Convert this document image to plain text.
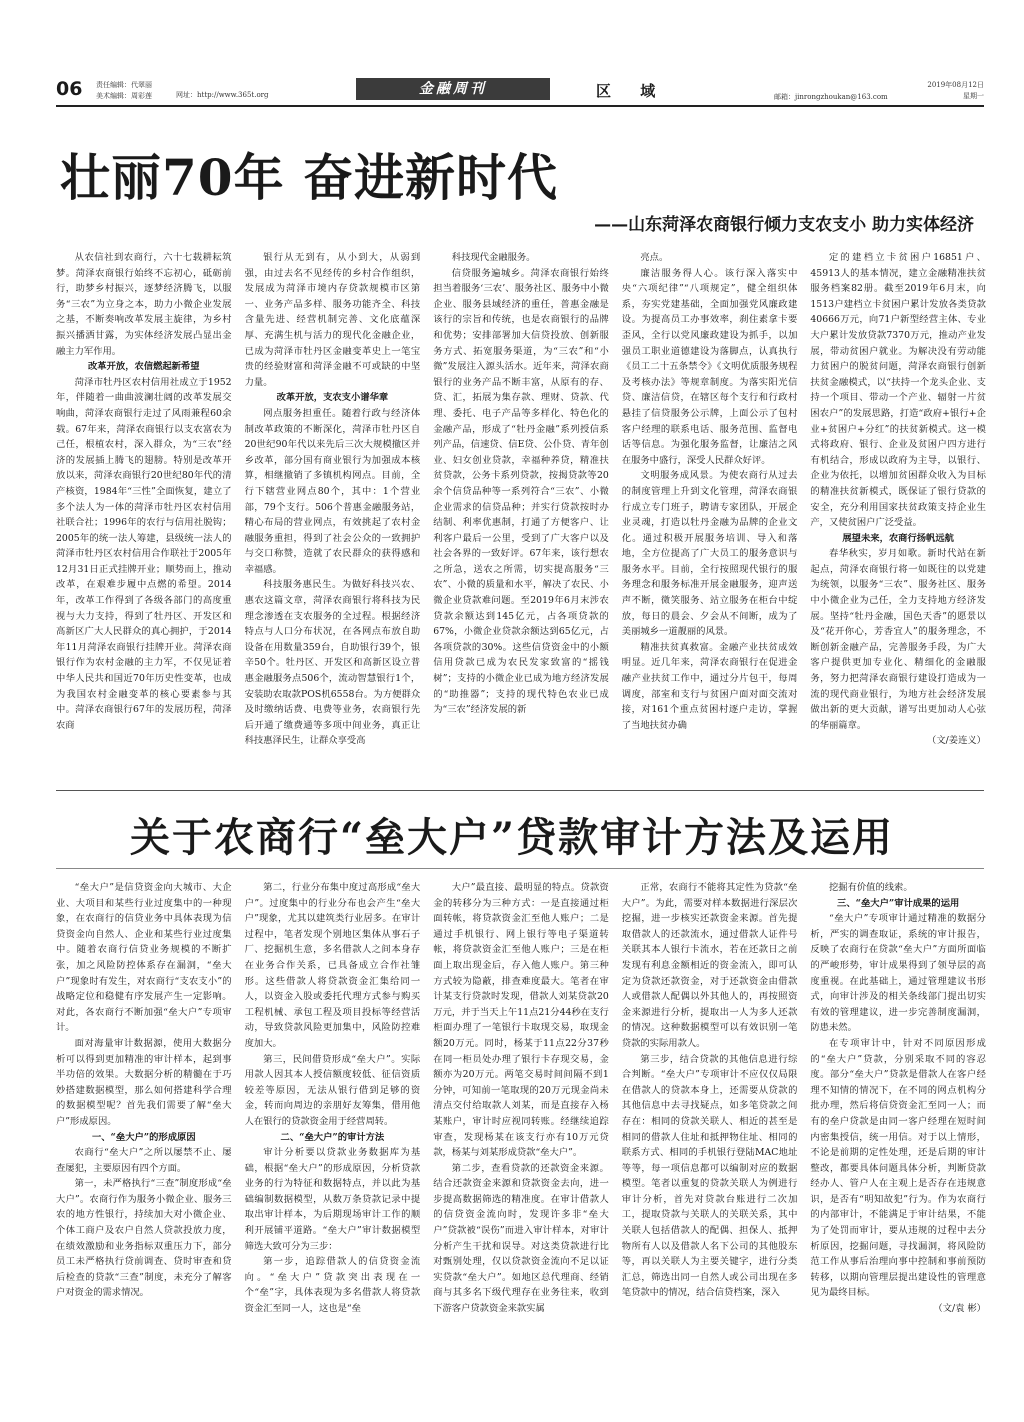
06 责任编辑：代翠丽
美术编辑：周彩莲	网址：http://www.365t.org	金融周刊	区 域	邮箱：jinrongzhoukan@163.com
2019年08月12日
星期一
壮丽70年 奋进新时代
——山东菏泽农商银行倾力支农支小 助力实体经济

从农信社到农商行，六十七载耕耘筑梦。菏泽农商银行始终不忘初心，砥砺前行，助梦乡村振兴，逐梦经济腾飞，以服务“三农”为立身之本，助力小微企业发展之基，不断奏响改革发展主旋律，为乡村振兴播洒甘露，为实体经济发展凸显出金融主力军作用。

改革开放，农信燃起新希望

菏泽市牡丹区农村信用社成立于1952年，伴随着一曲曲波澜壮阔的改革发展交响曲，菏泽农商银行走过了风雨兼程60余载。67年来，菏泽农商银行以支农富农为己任，根植农村，深入群众，为“三农”经济的发展插上腾飞的翅膀。特别是改革开放以来，菏泽农商银行20世纪80年代的清产核资，1984年“三性”全面恢复，建立了多个法人为一体的菏泽市牡丹区农村信用社联合社；1996年的农行与信用社脱钩；2005年的统一法人筹建，县级统一法人的菏泽市牡丹区农村信用合作联社于2005年12月31日正式挂牌开业；顺势而上，推动改革，在艰难步履中点燃的希望。2014年，改革工作得到了各级各部门的高度重视与大力支持，得到了牡丹区、开发区和高新区广大人民群众的真心拥护，于2014年11月菏泽农商银行挂牌开业。菏泽农商银行作为农村金融的主力军，不仅见证着中华人民共和国近70年历史性变革，也成为我国农村金融变革的核心要素参与其中。菏泽农商银行67年的发展历程，菏泽农商

银行从无到有，从小到大，从弱到强，由过去名不见经传的乡村合作组织，发展成为菏泽市境内存贷款规模市区第一、业务产品多样、服务功能齐全、科技含量先进、经营机制完善、文化底蕴深厚、充满生机与活力的现代化金融企业，已成为菏泽市牡丹区金融变革史上一笔宝贵的经验财富和菏泽金融不可或缺的中坚力量。

改革开放，支农支小谱华章

网点服务担重任。随着行政与经济体制改革政策的不断深化，菏泽市牡丹区自20世纪90年代以来先后三次大规模撤区并乡改革，部分国有商业银行为加强成本核算，相继撤销了多镇机构网点。目前，全行下辖营业网点80个，其中：1个营业部，79个支行。506个普惠金融服务站，精心布局的营业网点，有效挑起了农村金融服务重担，得到了社会公众的一致拥护与交口称赞，造就了农民群众的获得感和幸福感。

科技服务惠民生。为做好科技兴农、惠农这篇文章，菏泽农商银行将科技为民理念渗透在支农服务的全过程。根据经济特点与人口分布状况，在各网点布放自助设备在用数量359台，自助银行39个，银辛50个。牡丹区、开发区和高新区设立普惠金融服务点506个，流动智慧银行1个，安装助农取款POS机6558台。为方便群众及时缴纳话费、电费等业务，农商银行先后开通了缴费通等多项中间业务，真正让科技惠泽民生，让群众享受高

科技现代金融服务。

信贷服务遍城乡。菏泽农商银行始终担当着服务‘三农’、服务社区、服务中小微企业、服务县域经济的重任，普惠金融是该行的宗旨和传统，也是农商银行的品牌和优势；安排部署加大信贷投放、创新服务方式、拓宽服务渠道，为“三农”和“小微”发展注入源头活水。近年来，菏泽农商银行的业务产品不断丰富，从原有的存、贷、汇，拓展为集存款、理财、贷款、代理、委托、电子产品等多样化、特色化的金融产品，形成了“牡丹金融”系列授信系列产品，信速贷、信E贷、公仆贷、青年创业、妇女创业贷款，幸福种养贷，精准扶贫贷款，公务卡系列贷款，按揭贷款等20余个信贷品种等一系列符合“三农”、小微企业需求的信贷品种；并实行贷款按时办结制、利率优惠制，打通了方便客户、让利客户最后一公里，受到了广大客户以及社会各界的一致好评。67年来，该行想农之所急，送农之所需，切实提高服务“三农”、小微的质量和水平，解决了农民、小微企业贷款难问题。至2019年6月末涉农贷款余额达到145亿元，占各项贷款的67%，小微企业贷款余额达到65亿元，占各项贷款的30%。这些信贷资金中的小额信用贷款已成为农民发家致富的“摇钱树”；支持的小微企业已成为地方经济发展的“助推器”；支持的现代特色农业已成为“三农”经济发展的新

亮点。

廉洁服务得人心。该行深入落实中央“六项纪律”“八项规定”，健全组织体系，夯实党建基础，全面加强党风廉政建设。为提高员工办事效率，刹住素拿卡要歪风，全行以党风廉政建设为抓手，以加强员工职业道德建设为落脚点，认真执行《员工二十五条禁令》《文明优质服务规程及考核办法》等规章制度。为落实阳光信贷、廉洁信贷，在辖区每个支行和行政村悬挂了信贷服务公示牌，上面公示了包村客户经理的联系电话、服务范围、监督电话等信息。为强化服务监督，让廉洁之风在服务中盛行，深受人民群众好评。

文明服务成风景。为使农商行从过去的制度管理上升到文化管理，菏泽农商银行成立专门班子，聘请专家团队，开展企业灵魂，打造以牡丹金融为品牌的企业文化。通过积极开展服务培训、导入和落地，全方位提高了广大员工的服务意识与服务水平。目前，全行按照现代银行的服务理念和服务标准开展金融服务，迎声送声不断，微笑服务、站立服务在柜台中绽放，每日的晨会、夕会从不间断，成为了美丽城乡一道靓丽的风景。

精准扶贫真救富。金融产业扶贫成效明显。近几年来，菏泽农商银行在促进金融产业扶贫工作中，通过分片包干，每周调度，部室和支行与贫困户面对面交流对接，对161个重点贫困村逐户走访，掌握了当地扶贫办确

定的建档立卡贫困户16851户、45913人的基本情况，建立金融精准扶贫服务档案82册。截至2019年6月末，向1513户建档立卡贫困户累计发放各类贷款40666万元，向71户新型经营主体、专业大户累计发放贷款7370万元，推动产业发展，带动贫困户就业。为解决没有劳动能力贫困户的脱贫问题，菏泽农商银行创新扶贫金融模式，以“扶持一个龙头企业、支持一个项目、带动一个产业、辐射一片贫困农户”的发展思路，打造“政府+银行+企业+贫困户+分红”的扶贫新模式。这一模式将政府、银行、企业及贫困户四方进行有机结合，形成以政府为主导，以银行、企业为依托，以增加贫困群众收入为目标的精准扶贫新模式，既保证了银行贷款的安全，充分利用国家扶贫政策支持企业生产，又使贫困户广泛受益。

展望未来，农商行扬帆远航

春华秋实，岁月如歌。新时代站在新起点，菏泽农商银行将一如既往的以党建为统领，以服务“三农”、服务社区、服务中小微企业为己任，全力支持地方经济发展。坚持“牡丹金融，国色天香”的愿景以及“花开你心，芳香宜人”的服务理念，不断创新金融产品，完善服务手段，为广大客户提供更加专业化、精细化的金融服务，努力把菏泽农商银行建设打造成为一流的现代商业银行，为地方社会经济发展做出新的更大贡献，谱写出更加动人心弦的华丽篇章。

（文/姜连义）

关于农商行“垒大户”贷款审计方法及运用

“垒大户”是信贷资金向大城市、大企业、大项目和某些行业过度集中的一种现象，在农商行的信贷业务中具体表现为信贷资金向自然人、企业和某些行业过度集中。随着农商行信贷业务规模的不断扩张，加之风险防控体系存在漏洞，“垒大户”现象时有发生，对农商行“支农支小”的战略定位和稳健有序发展产生一定影响。对此，各农商行不断加强“垒大户”专项审计。

面对海量审计数据源，使用大数据分析可以得到更加精准的审计样本，起到事半功倍的效果。大数据分析的精髓在于巧妙搭建数据模型，那么如何搭建科学合理的数据模型呢？首先我们需要了解“垒大户”形成原因。

一、“垒大户”的形成原因

农商行“垒大户”之所以屡禁不止、屡查屡犯，主要原因有四个方面。

第一，未严格执行“三查”制度形成“垒大户”。农商行作为服务小微企业、服务三农的地方性银行，持续加大对小微企业、个体工商户及农户自然人贷款投放力度，在绩效激励和业务指标双重压力下，部分员工未严格执行贷前调查、贷时审查和贷后检查的贷款“三查”制度，未充分了解客户对资金的需求情况。

第二，行业分布集中度过高形成“垒大户”。过度集中的行业分布也会产生“垒大户”现象，尤其以建筑类行业居多。在审计过程中，笔者发现个别地区集体从事石子厂、挖掘机生意，多名借款人之间本身存在业务合作关系，已具备成立合作社雏形。这些借款人将贷款资金汇集给同一人，以资金入股或委托代理方式参与购买工程机械、承包工程及项目投标等经营活动，导致贷款风险更加集中，风险防控难度加大。

第三，民间借贷形成“垒大户”。实际用款人因其本人授信额度较低、征信资质较差等原因，无法从银行借到足够的资金，转而向周边的亲朋好友筹集，借用他人在银行的贷款资金用于经营周转。

二、“垒大户”的审计方法

审计分析要以贷款业务数据库为基础，根据“垒大户”的形成原因，分析贷款业务的行为特征和数据特点，并以此为基础编制数据模型，从数万条贷款记录中提取出审计样本，为后期现场审计工作的顺利开展铺平道路。“垒大户”审计数据模型筛选大致可分为三步：

第一步，追踪借款人的信贷资金流向。“垒大户”贷款突出表现在一个“垒”字，具体表现为多名借款人将贷款资金汇至同一人，这也是“垒

大户”最直接、最明显的特点。贷款资金的转移分为三种方式：一是直接通过柜面转帐，将贷款资金汇至他人账户；二是通过手机银行、网上银行等电子渠道转帐，将贷款资金汇至他人账户；三是在柜面上取出现金后，存入他人账户。第三种方式较为隐蔽，排查难度最大。笔者在审计某支行贷款时发现，借款人刘某贷款20万元，并于当天上午11点21分44秒在支行柜面办理了一笔银行卡取现交易，取现金额20万元。同时，杨某于11点22分37秒在同一柜员处办理了银行卡存现交易，金额亦为20万元。两笔交易时间间隔不到1分钟，可知前一笔取现的20万元现金尚未清点交付给取款人刘某，而是直接存入杨某账户，审计时应视同转账。经继续追踪审查，发现杨某在该支行亦有10万元贷款，杨某与刘某形成贷款“垒大户”。

第二步，查看贷款的还款资金来源。结合还款资金来源和贷款资金去向，进一步提高数据筛选的精准度。在审计借款人的信贷资金流向时，发现许多非“垒大户”贷款被“误伤”而进入审计样本，对审计分析产生干扰和误导。对这类贷款进行比对甄别处理，仅以贷款资金流向不足以证实贷款“垒大户”。如地区总代理商、经销商与其多名下级代理存在业务往来，收到下游客户贷款资金来款实属

正常，农商行不能将其定性为贷款“垒大户”。为此，需要对样本数据进行深层次挖掘，进一步核实还款资金来源。首先提取借款人的还款流水，通过借款人证件号关联其本人银行卡流水，若在还款日之前发现有利息金额相近的资金流入，即可认定为贷款还款资金，对于还款资金由借款人或借款人配偶以外其他人的，再按照资金来源进行分析，提取出一人为多人还款的情况。这种数据模型可以有效识别一笔贷款的实际用款人。

第三步，结合贷款的其他信息进行综合判断。“垒大户”专项审计不应仅仅局限在借款人的贷款本身上，还需要从贷款的其他信息中去寻找疑点，如多笔贷款之间存在：相同的贷款关联人、相近的甚至是相同的借款人住址和抵押物住址、相同的联系方式、相同的手机银行登陆MAC地址等等，每一项信息都可以编制对应的数据模型。笔者以重复的贷款关联人为例进行审计分析，首先对贷款台账进行二次加工，提取贷款与关联人的关联关系，其中关联人包括借款人的配偶、担保人、抵押物所有人以及借款人名下公司的其他股东等，再以关联人为主要关键字，进行分类汇总，筛选出同一自然人或公司出现在多笔贷款中的情况，结合信贷档案，深入

挖掘有价值的线索。

三、“垒大户”审计成果的运用

“垒大户”专项审计通过精准的数据分析，严实的调查取证，系统的审计报告，反映了农商行在贷款“垒大户”方面所面临的严峻形势，审计成果得到了领导层的高度重视。在此基础上，通过管理建议书形式，向审计涉及的相关条线部门提出切实有效的管理建议，进一步完善制度漏洞，防患未然。

在专项审计中，针对不同原因形成的“垒大户”贷款，分别采取不同的容忍度。部分“垒大户”贷款是借款人在客户经理不知情的情况下，在不同的网点机构分批办理，然后将信贷资金汇至同一人；而有的垒户贷款是由同一客户经理在短时间内密集授信，统一用信。对于以上情形，不论是前期的定性处理，还是后期的审计整改，都要具体问题具体分析，判断贷款经办人、管户人在主观上是否存在违规意识，是否有“明知故犯”行为。作为农商行的内部审计，不能满足于审计结果，不能为了处罚而审计，要从违规的过程中去分析原因，挖掘问题，寻找漏洞，将风险防范工作从事后治理向事中控制和事前预防转移，以期向管理层提出建设性的管理意见为最终目标。

（文/袁 彬）
